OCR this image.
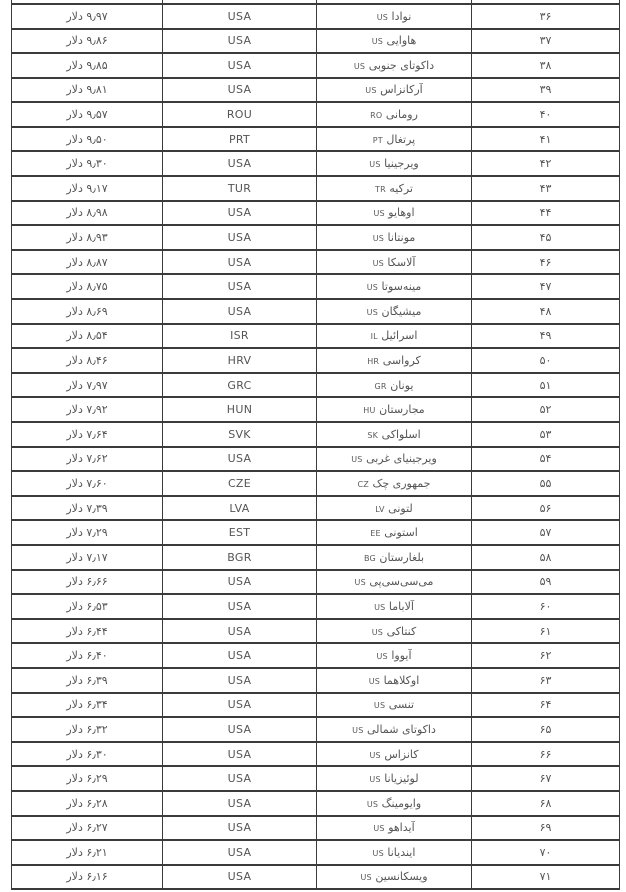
۳۶	نوادا US	USA	۹٫۹۷ دلار
۳۷	هاوایی US	USA	۹٫۸۶ دلار
۳۸	داکوتای جنوبی US	USA	۹٫۸۵ دلار
۳۹	آرکانزاس US	USA	۹٫۸۱ دلار
۴۰	رومانی RO	ROU	۹٫۵۷ دلار
۴۱	پرتغال PT	PRT	۹٫۵۰ دلار
۴۲	ویرجینیا US	USA	۹٫۳۰ دلار
۴۳	ترکیه TR	TUR	۹٫۱۷ دلار
۴۴	اوهایو US	USA	۸٫۹۸ دلار
۴۵	مونتانا US	USA	۸٫۹۳ دلار
۴۶	آلاسکا US	USA	۸٫۸۷ دلار
۴۷	مینه‌سوتا US	USA	۸٫۷۵ دلار
۴۸	میشیگان US	USA	۸٫۶۹ دلار
۴۹	اسرائیل IL	ISR	۸٫۵۴ دلار
۵۰	کرواسی HR	HRV	۸٫۴۶ دلار
۵۱	یونان GR	GRC	۷٫۹۷ دلار
۵۲	مجارستان HU	HUN	۷٫۹۲ دلار
۵۳	اسلواکی SK	SVK	۷٫۶۴ دلار
۵۴	ویرجینیای غربی US	USA	۷٫۶۲ دلار
۵۵	جمهوری چک CZ	CZE	۷٫۶۰ دلار
۵۶	لتونی LV	LVA	۷٫۳۹ دلار
۵۷	استونی EE	EST	۷٫۲۹ دلار
۵۸	بلغارستان BG	BGR	۷٫۱۷ دلار
۵۹	می‌سی‌سی‌پی US	USA	۶٫۶۶ دلار
۶۰	آلاباما US	USA	۶٫۵۳ دلار
۶۱	کنتاکی US	USA	۶٫۴۴ دلار
۶۲	آیووا US	USA	۶٫۴۰ دلار
۶۳	اوکلاهما US	USA	۶٫۳۹ دلار
۶۴	تنسی US	USA	۶٫۳۴ دلار
۶۵	داکوتای شمالی US	USA	۶٫۳۲ دلار
۶۶	کانزاس US	USA	۶٫۳۰ دلار
۶۷	لوئیزیانا US	USA	۶٫۲۹ دلار
۶۸	وایومینگ US	USA	۶٫۲۸ دلار
۶۹	آیداهو US	USA	۶٫۲۷ دلار
۷۰	ایندیانا US	USA	۶٫۲۱ دلار
۷۱	ویسکانسین US	USA	۶٫۱۶ دلار
